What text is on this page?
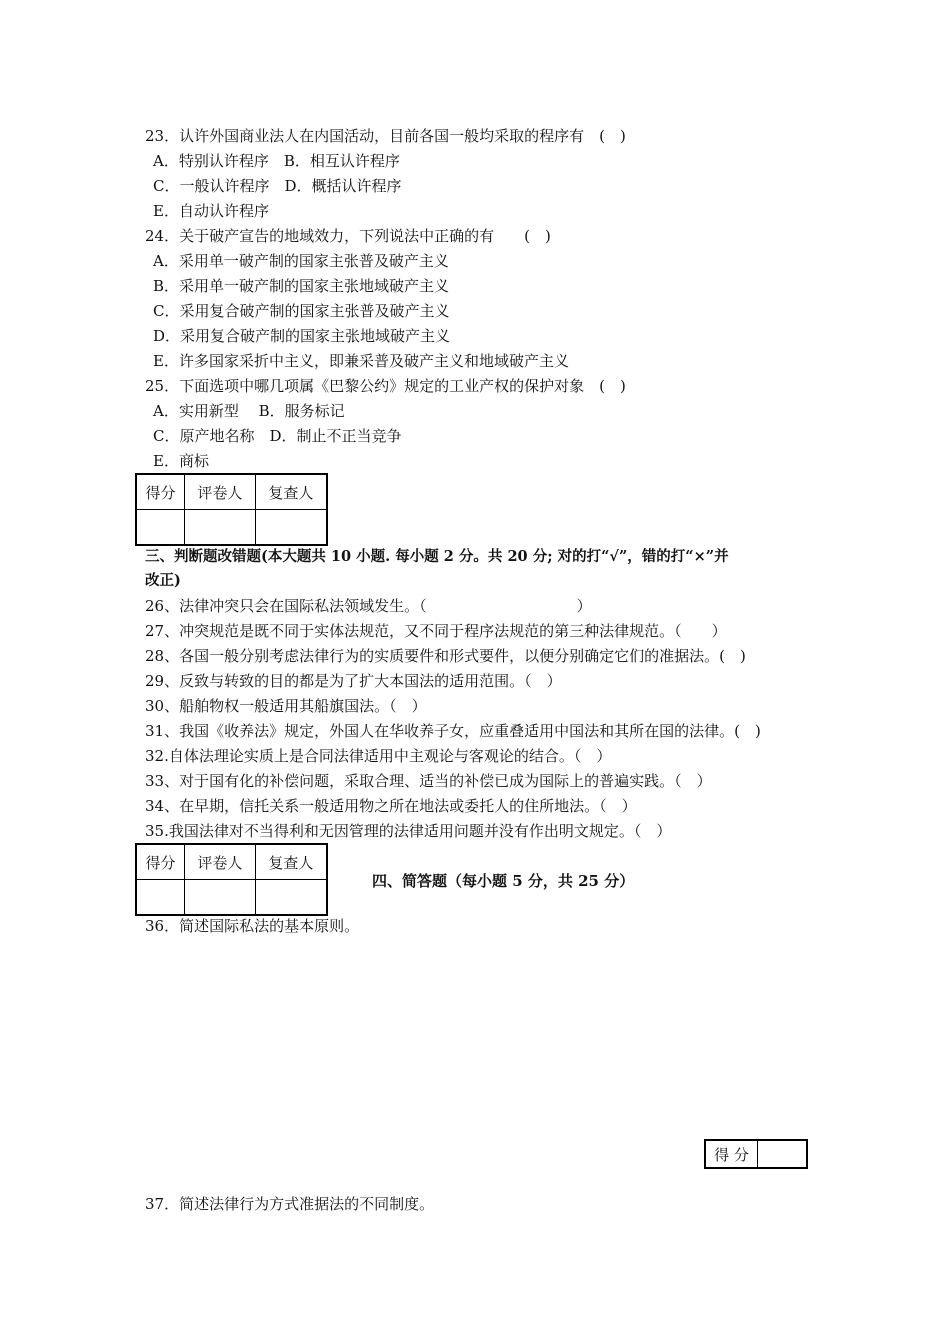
23．认许外国商业法人在内国活动，目前各国一般均采取的程序有　(　)
A．特别认许程序　B．相互认许程序
C．一般认许程序　D．概括认许程序
E．自动认许程序
24．关于破产宣告的地域效力，下列说法中正确的有　　(　)
A．采用单一破产制的国家主张普及破产主义
B．采用单一破产制的国家主张地域破产主义
C．采用复合破产制的国家主张普及破产主义
D．采用复合破产制的国家主张地域破产主义
E．许多国家采折中主义，即兼采普及破产主义和地域破产主义
25．下面选项中哪几项属《巴黎公约》规定的工业产权的保护对象　(　)
A．实用新型　 B．服务标记
C．原产地名称　D．制止不正当竞争
E．商标
得分	评卷人	复查人

三、判断题改错题(本大题共 10 小题. 每小题 2 分。共 20 分; 对的打“√”，错的打“×”并
改正)
26、法律冲突只会在国际私法领域发生。（　　　　　　　　　　）
27、冲突规范是既不同于实体法规范，又不同于程序法规范的第三种法律规范。（　　）
28、各国一般分别考虑法律行为的实质要件和形式要件，以便分别确定它们的准据法。(　)
29、反致与转致的目的都是为了扩大本国法的适用范围。（　）
30、船舶物权一般适用其船旗国法。（　）
31、我国《收养法》规定，外国人在华收养子女，应重叠适用中国法和其所在国的法律。(　)
32.自体法理论实质上是合同法律适用中主观论与客观论的结合。（　）
33、对于国有化的补偿问题，采取合理、适当的补偿已成为国际上的普遍实践。（　）
34、在早期，信托关系一般适用物之所在地法或委托人的住所地法。（　）
35.我国法律对不当得利和无因管理的法律适用问题并没有作出明文规定。（　）
得分	评卷人	复查人

四、简答题（每小题 5 分，共 25 分）
36．简述国际私法的基本原则。
得 分	
37．简述法律行为方式准据法的不同制度。
